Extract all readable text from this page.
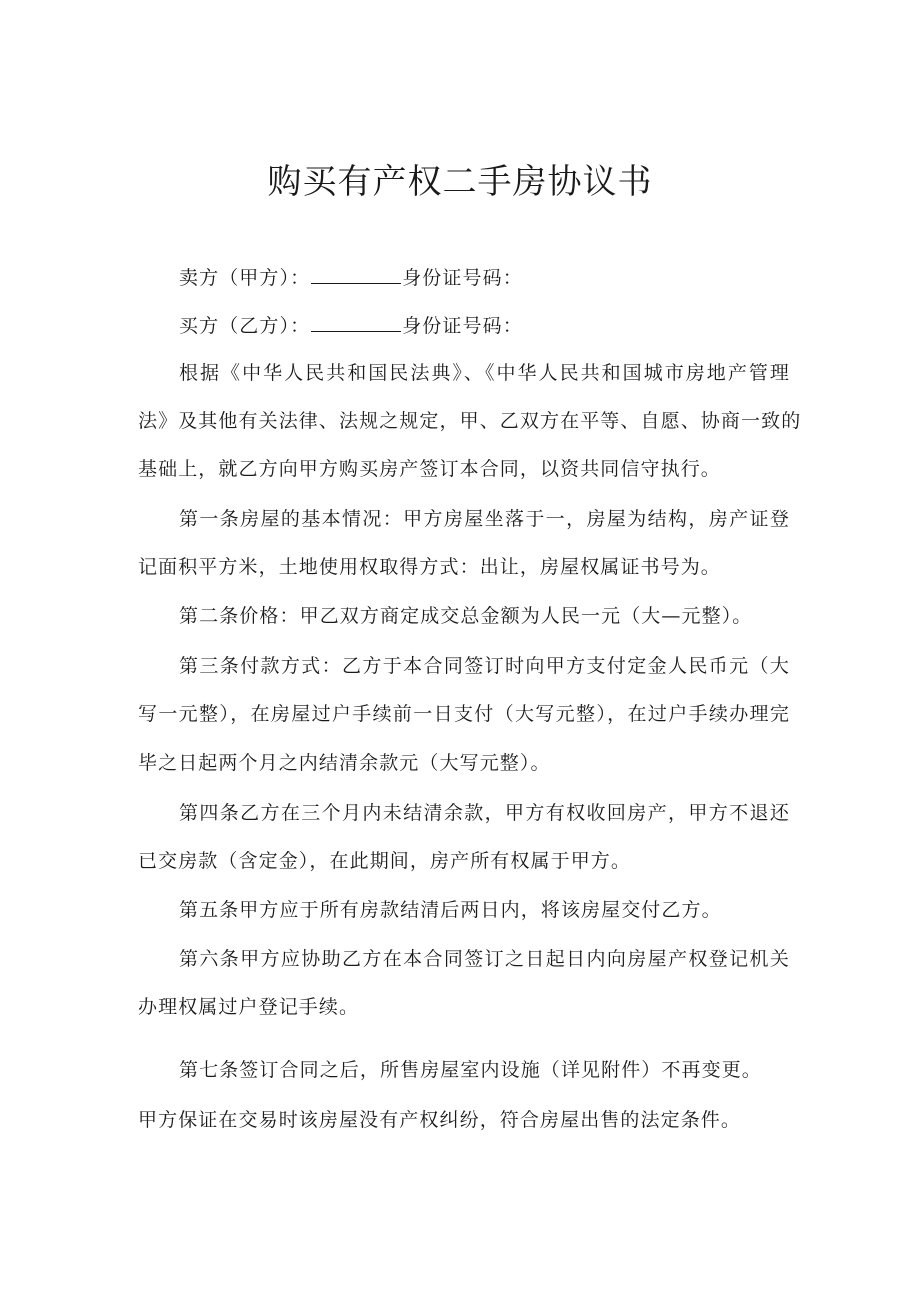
购买有产权二手房协议书
卖方（甲方）：	身份证号码：
买方（乙方）：	身份证号码：
根据《中华人民共和国民法典》、《中华人民共和国城市房地产管理
法》及其他有关法律、法规之规定，甲、乙双方在平等、自愿、协商一致的
基础上，就乙方向甲方购买房产签订本合同，以资共同信守执行。
第一条房屋的基本情况：甲方房屋坐落于一，房屋为结构，房产证登
记面积平方米，土地使用权取得方式：出让，房屋权属证书号为。
第二条价格：甲乙双方商定成交总金额为人民一元（大—元整）。
第三条付款方式：乙方于本合同签订时向甲方支付定金人民币元（大
写一元整），在房屋过户手续前一日支付（大写元整），在过户手续办理完
毕之日起两个月之内结清余款元（大写元整）。
第四条乙方在三个月内未结清余款，甲方有权收回房产，甲方不退还
已交房款（含定金），在此期间，房产所有权属于甲方。
第五条甲方应于所有房款结清后两日内，将该房屋交付乙方。
第六条甲方应协助乙方在本合同签订之日起日内向房屋产权登记机关
办理权属过户登记手续。
第七条签订合同之后，所售房屋室内设施（详见附件）不再变更。
甲方保证在交易时该房屋没有产权纠纷，符合房屋出售的法定条件。
